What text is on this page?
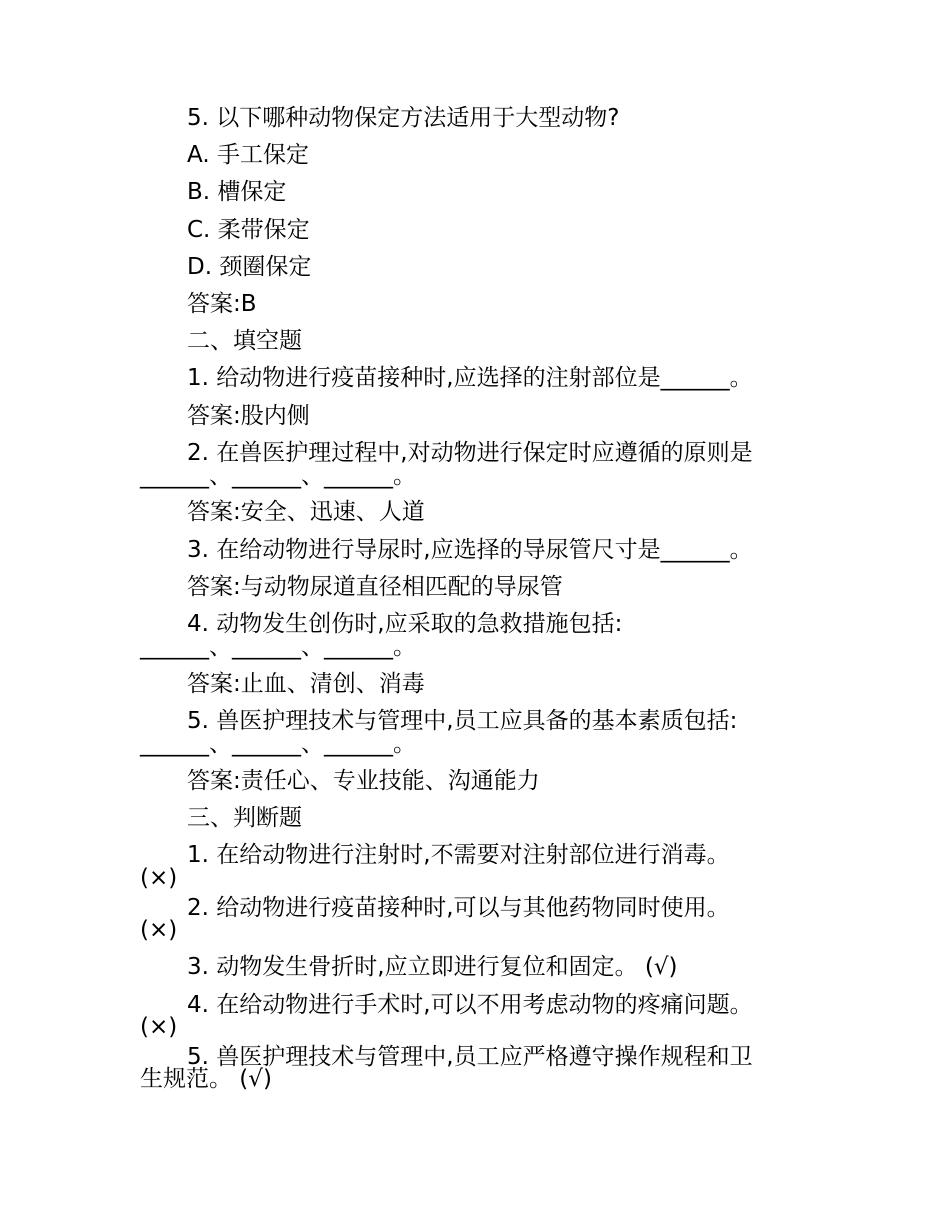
5. 以下哪种动物保定方法适用于大型动物?
A. 手工保定
B. 槽保定
C. 柔带保定
D. 颈圈保定
答案:B
二、填空题
1. 给动物进行疫苗接种时,应选择的注射部位是______。
答案:股内侧
2. 在兽医护理过程中,对动物进行保定时应遵循的原则是
______、______、______。
答案:安全、迅速、人道
3. 在给动物进行导尿时,应选择的导尿管尺寸是______。
答案:与动物尿道直径相匹配的导尿管
4. 动物发生创伤时,应采取的急救措施包括:
______、______、______。
答案:止血、清创、消毒
5. 兽医护理技术与管理中,员工应具备的基本素质包括:
______、______、______。
答案:责任心、专业技能、沟通能力
三、判断题
1. 在给动物进行注射时,不需要对注射部位进行消毒。
(×)
2. 给动物进行疫苗接种时,可以与其他药物同时使用。
(×)
3. 动物发生骨折时,应立即进行复位和固定。 (√)
4. 在给动物进行手术时,可以不用考虑动物的疼痛问题。
(×)
5. 兽医护理技术与管理中,员工应严格遵守操作规程和卫
生规范。 (√)
